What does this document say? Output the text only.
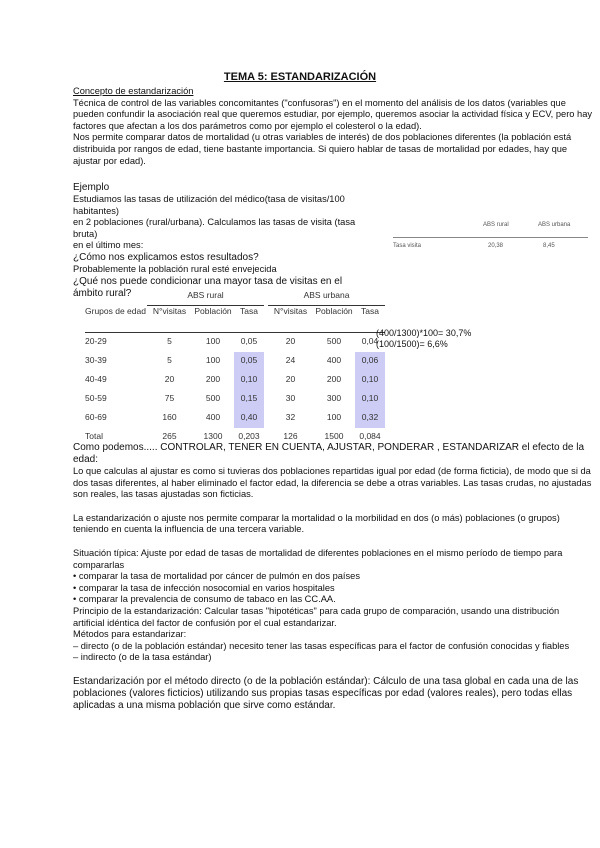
TEMA 5: ESTANDARIZACIÓN
Concepto de estandarización
Técnica de control de las variables concomitantes ("confusoras") en el momento del análisis de los datos (variables que pueden confundir la asociación real que queremos estudiar, por ejemplo, queremos asociar la actividad física y ECV, pero hay factores que afectan a los dos parámetros como por ejemplo el colesterol o la edad).
Nos permite comparar datos de mortalidad (u otras variables de interés) de dos poblaciones diferentes (la población está distribuida por rangos de edad, tiene bastante importancia. Si quiero hablar de tasas de mortalidad por edades, hay que ajustar por edad).
Ejemplo
Estudiamos las tasas de utilización del médico(tasa de visitas/100 habitantes)
en 2 poblaciones (rural/urbana). Calculamos las tasas de visita (tasa bruta)
en el último mes:
¿Cómo nos explicamos estos resultados?
Probablemente la población rural esté envejecida
¿Qué nos puede condicionar una mayor tasa de visitas en el ámbito rural?
ABS rural	ABS urbana
Tasa visita	20,38	8,45
	ABS rural				ABS urbana		
Grupos de edad	N°visitas	Población	Tasa		N°visitas	Población	Tasa
20-29	5	100	0,05		20	500	0,04
30-39	5	100	0,05		24	400	0,06
40-49	20	200	0,10		20	200	0,10
50-59	75	500	0,15		30	300	0,10
60-69	160	400	0,40		32	100	0,32
Total	265	1300	0,203		126	1500	0,084
(400/1300)*100= 30,7%
(100/1500)= 6,6%
Como podemos..... CONTROLAR, TENER EN CUENTA, AJUSTAR, PONDERAR , ESTANDARIZAR el efecto de la edad:
Lo que calculas al ajustar es como si tuvieras dos poblaciones repartidas igual por edad (de forma ficticia), de modo que si da dos tasas diferentes, al haber eliminado el factor edad, la diferencia se debe a otras variables. Las tasas crudas, no ajustadas son reales, las tasas ajustadas son ficticias.
La estandarización o ajuste nos permite comparar la mortalidad o la morbilidad en dos (o más) poblaciones (o grupos) teniendo en cuenta la influencia de una tercera variable.
Situación típica: Ajuste por edad de tasas de mortalidad de diferentes poblaciones en el mismo período de tiempo para compararlas
• comparar la tasa de mortalidad por cáncer de pulmón en dos países
• comparar la tasa de infección nosocomial en varios hospitales
• comparar la prevalencia de consumo de tabaco en las CC.AA.
Principio de la estandarización: Calcular tasas "hipotéticas" para cada grupo de comparación, usando una distribución artificial idéntica del factor de confusión por el cual estandarizar.
Métodos para estandarizar:
– directo (o de la población estándar) necesito tener las tasas específicas para el factor de confusión conocidas y fiables
– indirecto (o de la tasa estándar)
Estandarización por el método directo (o de la población estándar): Cálculo de una tasa global en cada una de las poblaciones (valores ficticios) utilizando sus propias tasas específicas por edad (valores reales), pero todas ellas aplicadas a una misma población que sirve como estándar.
